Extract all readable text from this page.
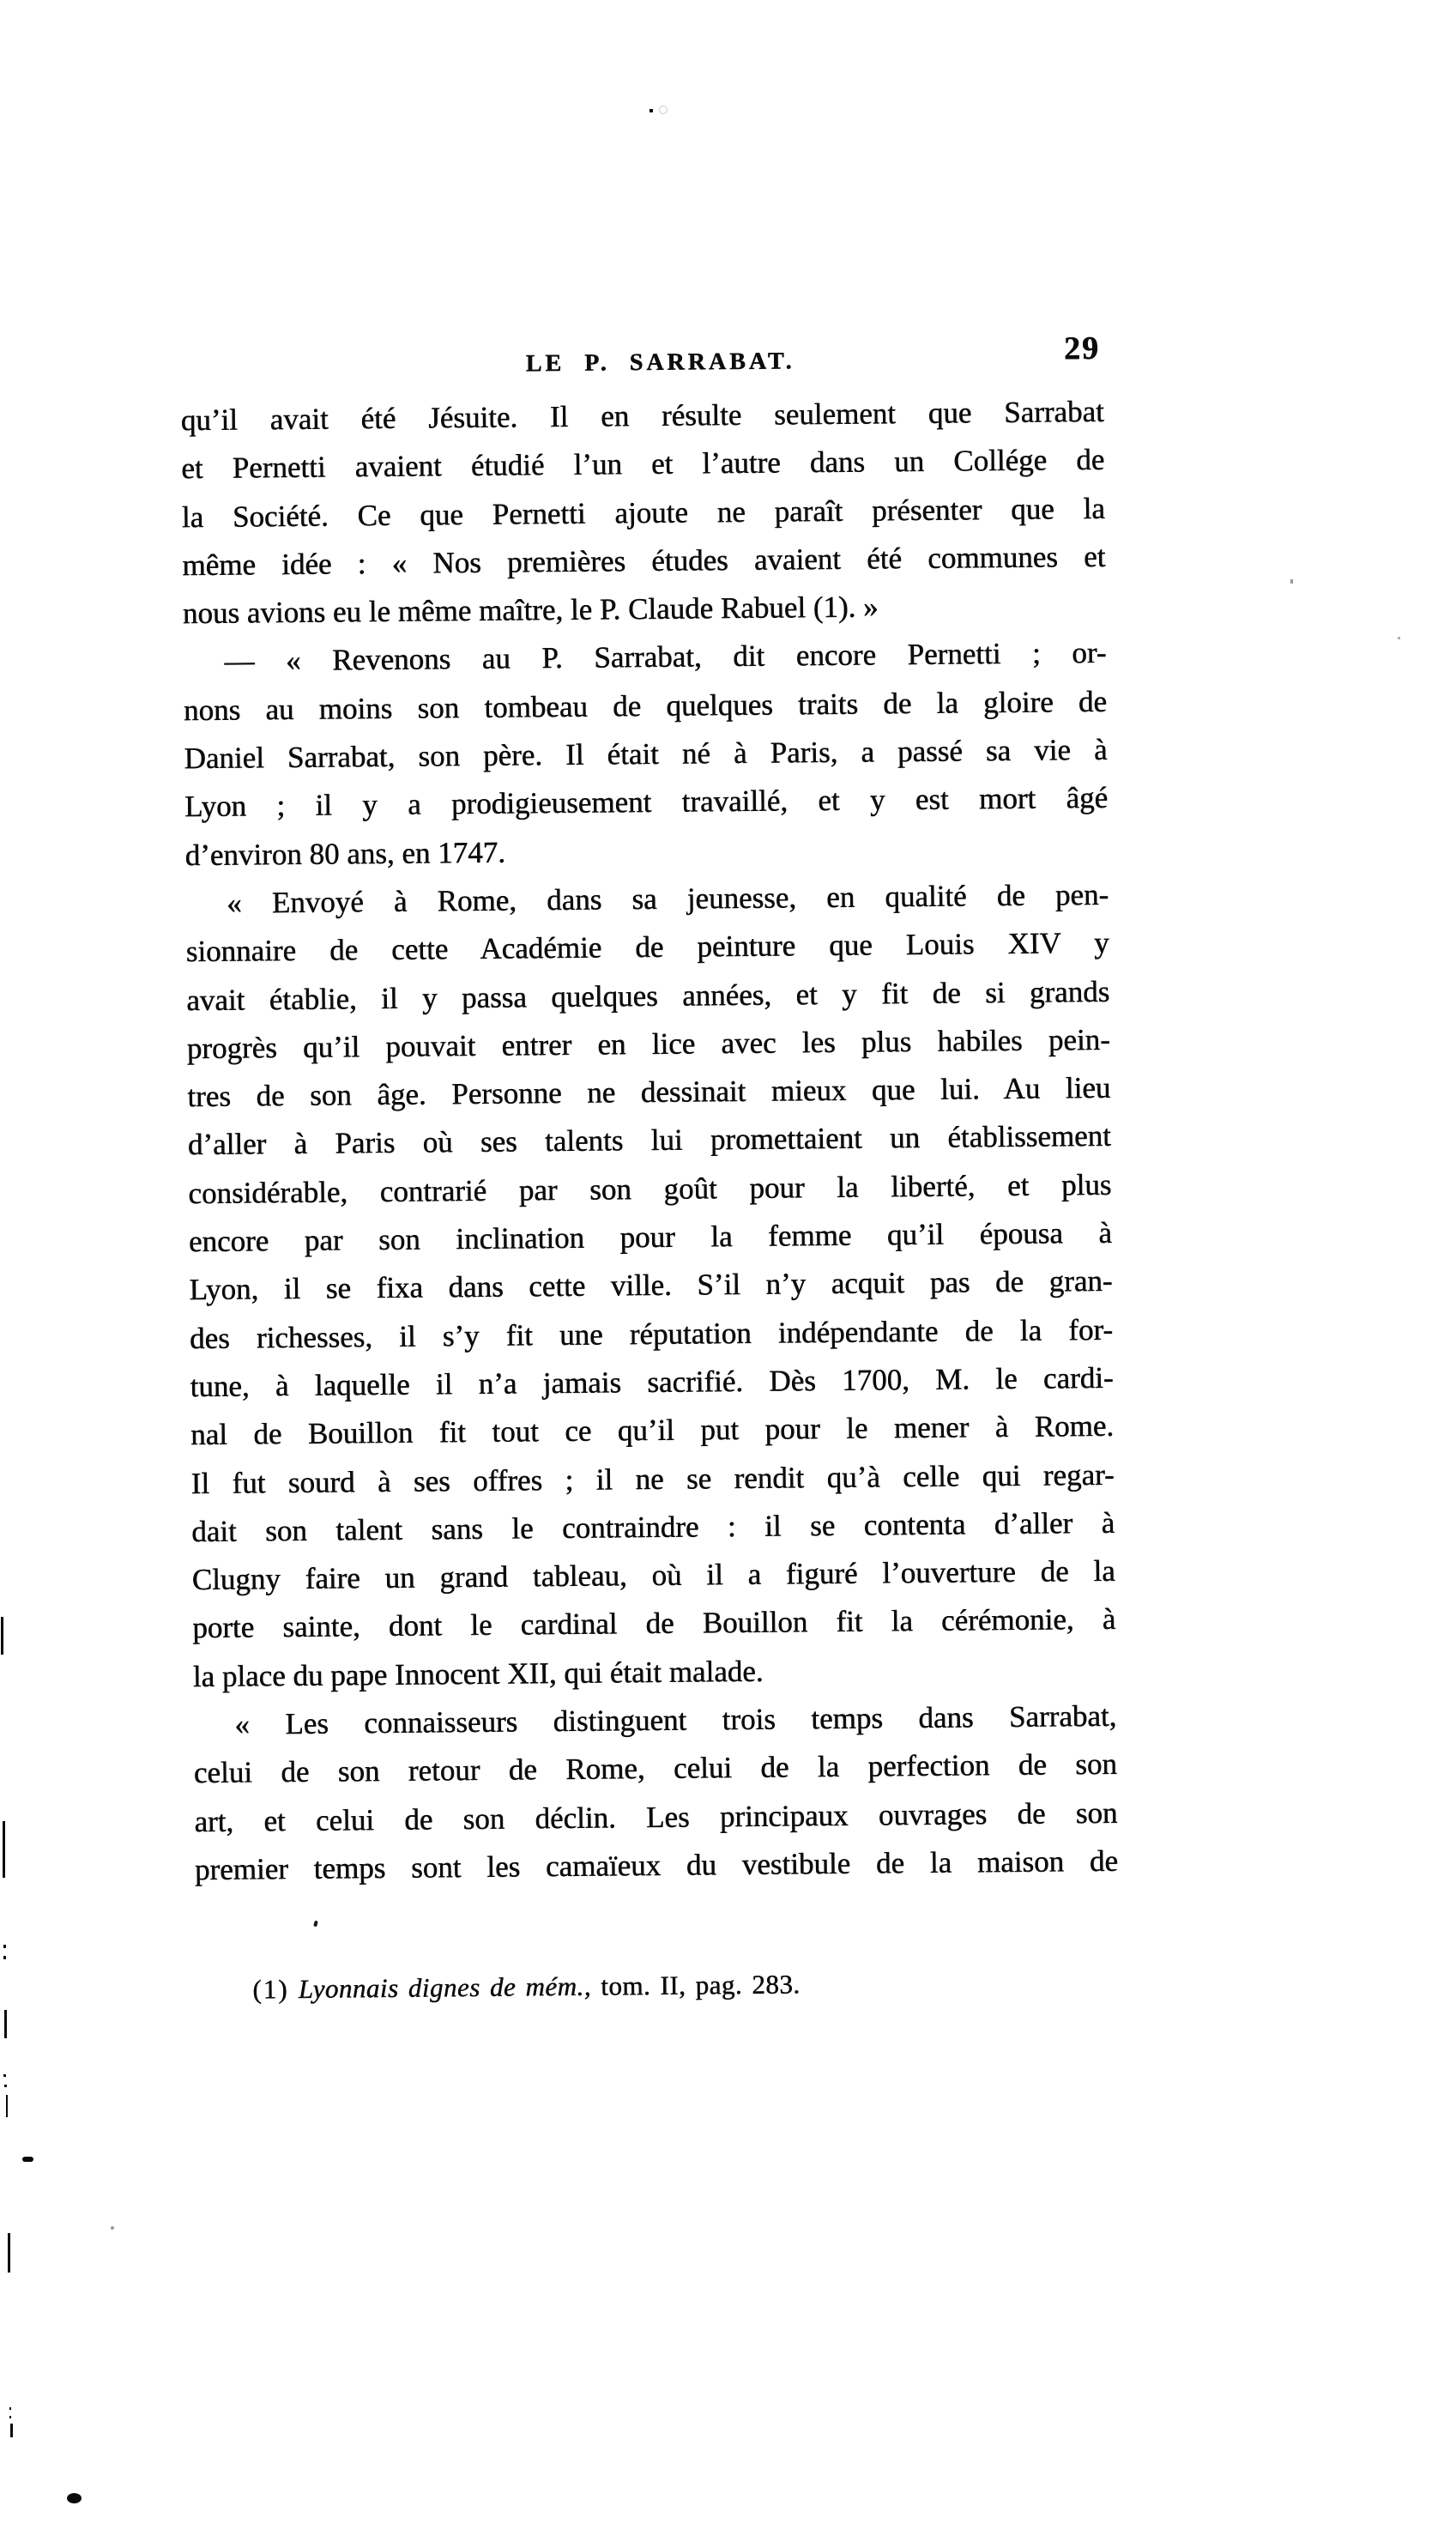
LE P. SARRABAT.	29
qu’il avait été Jésuite. Il en résulte seulement que Sarrabat
et Pernetti avaient étudié l’un et l’autre dans un Collége de
la Société. Ce que Pernetti ajoute ne paraît présenter que la
même idée : « Nos premières études avaient été communes et
nous avions eu le même maître, le P. Claude Rabuel (1). »
— « Revenons au P. Sarrabat, dit encore Pernetti ; or-
nons au moins son tombeau de quelques traits de la gloire de
Daniel Sarrabat, son père. Il était né à Paris, a passé sa vie à
Lyon ; il y a prodigieusement travaillé, et y est mort âgé
d’environ 80 ans, en 1747.
« Envoyé à Rome, dans sa jeunesse, en qualité de pen-
sionnaire de cette Académie de peinture que Louis XIV y
avait établie, il y passa quelques années, et y fit de si grands
progrès qu’il pouvait entrer en lice avec les plus habiles pein-
tres de son âge. Personne ne dessinait mieux que lui. Au lieu
d’aller à Paris où ses talents lui promettaient un établissement
considérable, contrarié par son goût pour la liberté, et plus
encore par son inclination pour la femme qu’il épousa à
Lyon, il se fixa dans cette ville. S’il n’y acquit pas de gran-
des richesses, il s’y fit une réputation indépendante de la for-
tune, à laquelle il n’a jamais sacrifié. Dès 1700, M. le cardi-
nal de Bouillon fit tout ce qu’il put pour le mener à Rome.
Il fut sourd à ses offres ; il ne se rendit qu’à celle qui regar-
dait son talent sans le contraindre : il se contenta d’aller à
Clugny faire un grand tableau, où il a figuré l’ouverture de la
porte sainte, dont le cardinal de Bouillon fit la cérémonie, à
la place du pape Innocent XII, qui était malade.
« Les connaisseurs distinguent trois temps dans Sarrabat,
celui de son retour de Rome, celui de la perfection de son
art, et celui de son déclin. Les principaux ouvrages de son
premier temps sont les camaïeux du vestibule de la maison de
(1) Lyonnais dignes de mém., tom. II, pag. 283.
